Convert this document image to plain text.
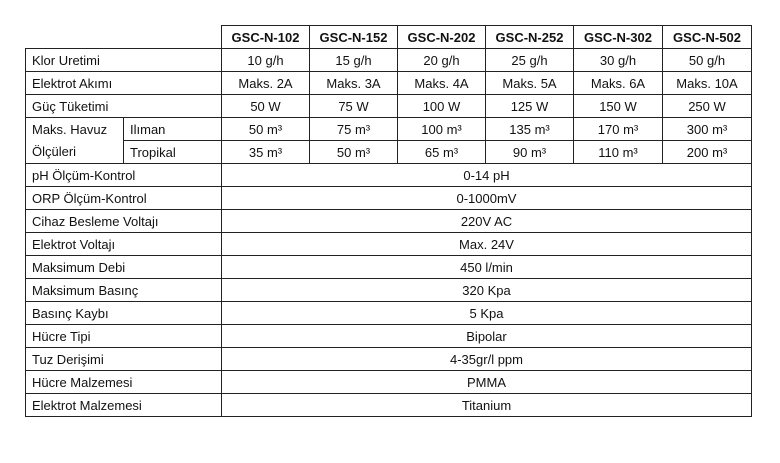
		GSC-N-102	GSC-N-152	GSC-N-202	GSC-N-252	GSC-N-302	GSC-N-502
Klor Uretimi		10 g/h	15 g/h	20 g/h	25 g/h	30 g/h	50 g/h
Elektrot Akımı		Maks. 2A	Maks. 3A	Maks. 4A	Maks. 5A	Maks. 6A	Maks. 10A
Güç Tüketimi		50 W	75 W	100 W	125 W	150 W	250 W
Maks. Havuz	Ilıman	50 m³	75 m³	100 m³	135 m³	170 m³	300 m³
Ölçüleri	Tropikal	35 m³	50 m³	65 m³	90 m³	110 m³	200 m³
pH Ölçüm-Kontrol		0-14 pH					
ORP Ölçüm-Kontrol		0-1000mV					
Cihaz Besleme Voltajı		220V AC					
Elektrot Voltajı		Max. 24V					
Maksimum Debi		450 l/min					
Maksimum Basınç		320 Kpa					
Basınç Kaybı		5 Kpa					
Hücre Tipi		Bipolar					
Tuz Derişimi		4-35gr/l ppm					
Hücre Malzemesi		PMMA					
Elektrot Malzemesi		Titanium					
